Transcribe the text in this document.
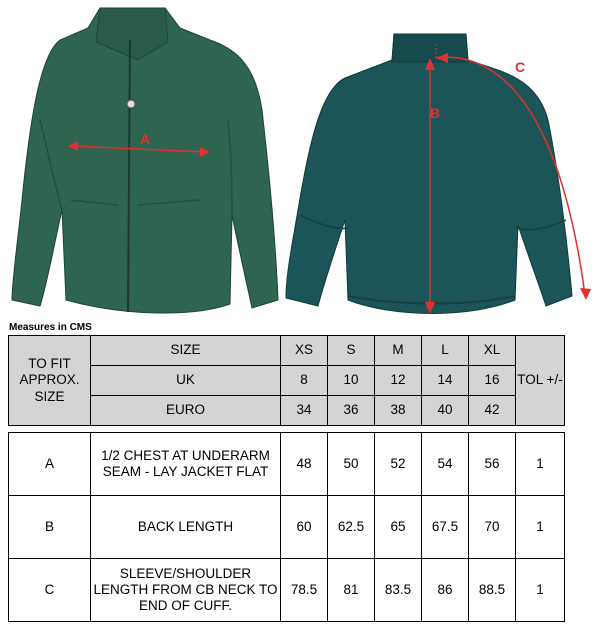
A
B
C
Measures in CMS
TO FIT APPROX. SIZE	SIZE	XS	S	M	L	XL	TOL +/-
	UK	8	10	12	14	16	
	EURO	34	36	38	40	42	

A	1/2 CHEST AT UNDERARM SEAM - LAY JACKET FLAT	48	50	52	54	56	1
B	BACK LENGTH	60	62.5	65	67.5	70	1
C	SLEEVE/SHOULDER LENGTH FROM CB NECK TO END OF CUFF.	78.5	81	83.5	86	88.5	1
